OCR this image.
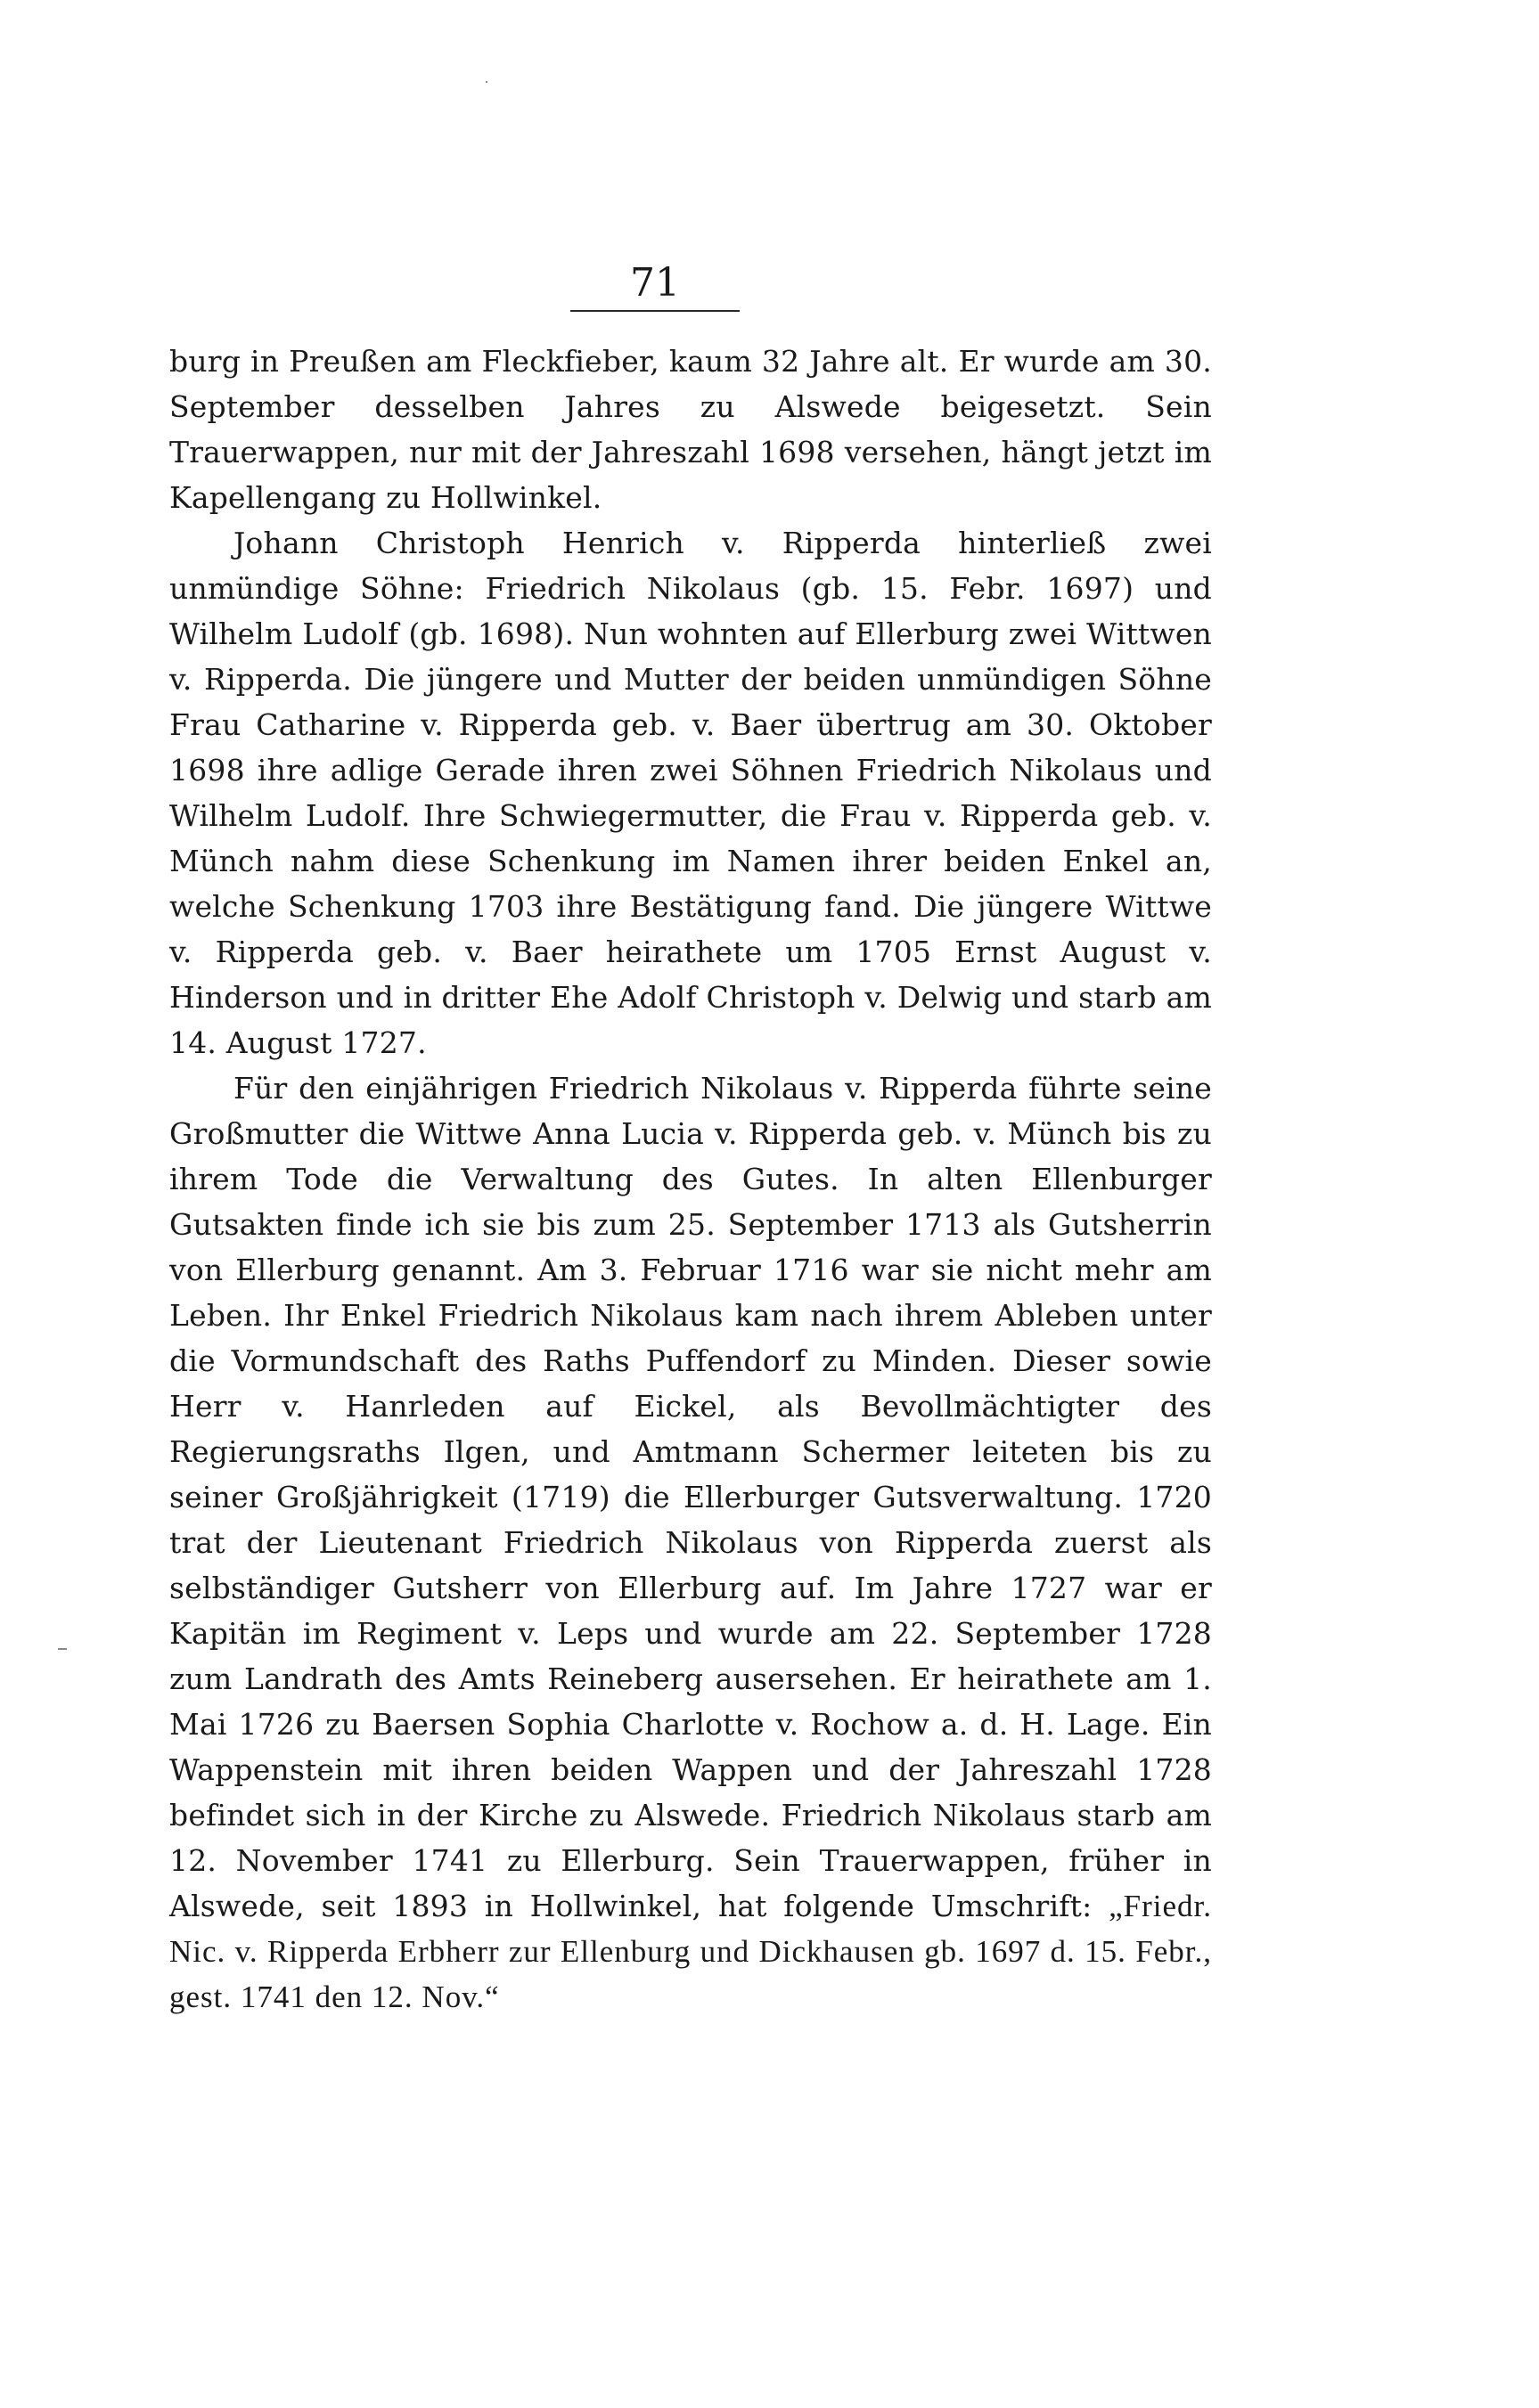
71

burg in Preußen am Fleckfieber, kaum 32 Jahre alt. Er wurde am 30. September desselben Jahres zu Alswede beigesetzt. Sein Trauerwappen, nur mit der Jahreszahl 1698 versehen, hängt jetzt im Kapellengang zu Hollwinkel.

Johann Christoph Henrich v. Ripperda hinterließ zwei unmündige Söhne: Friedrich Nikolaus (gb. 15. Febr. 1697) und Wilhelm Ludolf (gb. 1698). Nun wohnten auf Ellerburg zwei Wittwen v. Ripperda. Die jüngere und Mutter der beiden unmündigen Söhne Frau Catharine v. Ripperda geb. v. Baer übertrug am 30. Oktober 1698 ihre adlige Gerade ihren zwei Söhnen Friedrich Nikolaus und Wilhelm Ludolf. Ihre Schwiegermutter, die Frau v. Ripperda geb. v. Münch nahm diese Schenkung im Namen ihrer beiden Enkel an, welche Schenkung 1703 ihre Bestätigung fand. Die jüngere Wittwe v. Ripperda geb. v. Baer heirathete um 1705 Ernst August v. Hinderson und in dritter Ehe Adolf Christoph v. Delwig und starb am 14. August 1727.

Für den einjährigen Friedrich Nikolaus v. Ripperda führte seine Großmutter die Wittwe Anna Lucia v. Ripperda geb. v. Münch bis zu ihrem Tode die Verwaltung des Gutes. In alten Ellenburger Gutsakten finde ich sie bis zum 25. September 1713 als Gutsherrin von Ellerburg genannt. Am 3. Februar 1716 war sie nicht mehr am Leben. Ihr Enkel Friedrich Nikolaus kam nach ihrem Ableben unter die Vormundschaft des Raths Puffendorf zu Minden. Dieser sowie Herr v. Hanrleden auf Eickel, als Bevollmächtigter des Regierungsraths Ilgen, und Amtmann Schermer leiteten bis zu seiner Großjährigkeit (1719) die Ellerburger Gutsverwaltung. 1720 trat der Lieutenant Friedrich Nikolaus von Ripperda zuerst als selbständiger Gutsherr von Ellerburg auf. Im Jahre 1727 war er Kapitän im Regiment v. Leps und wurde am 22. September 1728 zum Landrath des Amts Reineberg ausersehen. Er heirathete am 1. Mai 1726 zu Baersen Sophia Charlotte v. Rochow a. d. H. Lage. Ein Wappenstein mit ihren beiden Wappen und der Jahreszahl 1728 befindet sich in der Kirche zu Alswede. Friedrich Nikolaus starb am 12. November 1741 zu Ellerburg. Sein Trauerwappen, früher in Alswede, seit 1893 in Hollwinkel, hat folgende Umschrift: „Friedr. Nic. v. Ripperda Erbherr zur Ellenburg und Dickhausen gb. 1697 d. 15. Febr., gest. 1741 den 12. Nov.“
